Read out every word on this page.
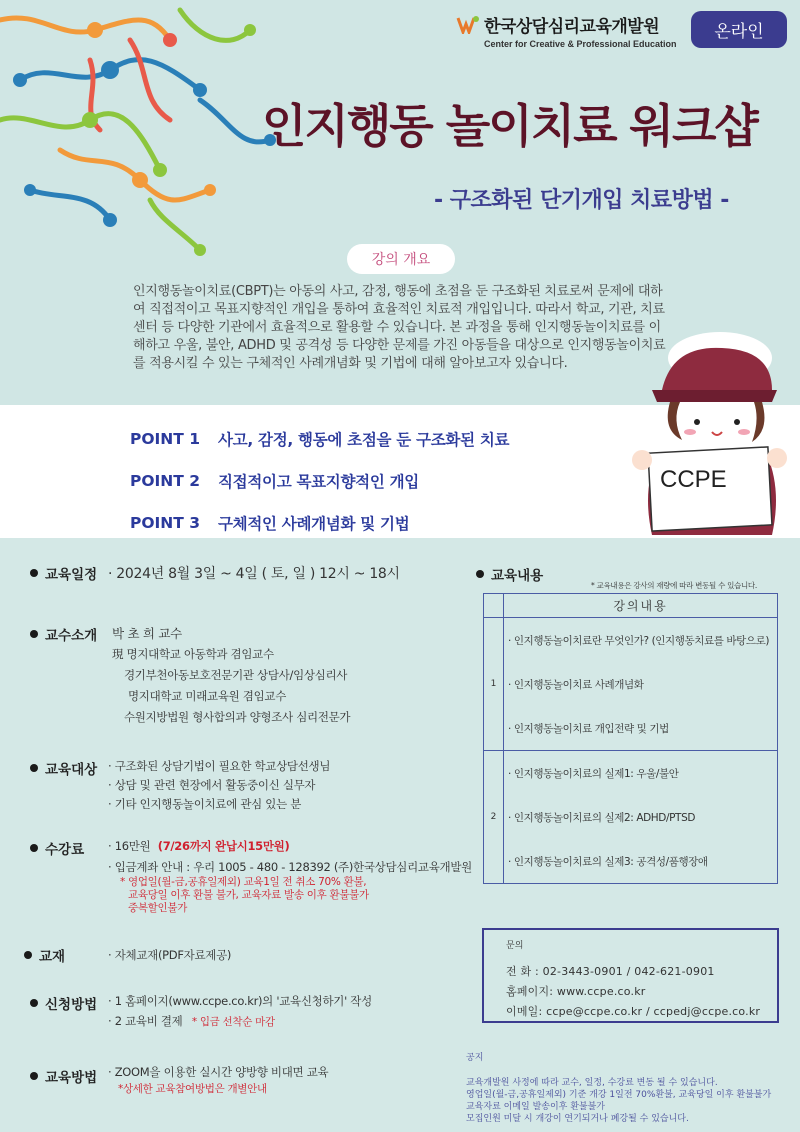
한국상담심리교육개발원
Center for Creative & Professional Education
온라인
인지행동 놀이치료 워크샵
- 구조화된 단기개입 치료방법 -
강의 개요
인지행동놀이치료(CBPT)는 아동의 사고, 감정, 행동에 초점을 둔 구조화된 치료로써 문제에 대하여 직접적이고 목표지향적인 개입을 통하여 효율적인 치료적 개입입니다. 따라서 학교, 기관, 치료센터 등 다양한 기관에서 효율적으로 활용할 수 있습니다. 본 과정을 통해 인지행동놀이치료를 이해하고 우울, 불안, ADHD 및 공격성 등 다양한 문제를 가진 아동들을 대상으로 인지행동놀이치료를 적용시킬 수 있는 구체적인 사례개념화 및 기법에 대해 알아보고자 있습니다.
POINT 1	사고, 감정, 행동에 초점을 둔 구조화된 치료
POINT 2	직접적이고 목표지향적인 개입
POINT 3	구체적인 사례개념화 및 기법
CCPE
교육일정 · 2024년 8월 3일 ~ 4일 ( 토, 일 ) 12시 ~ 18시
교수소개 박 초 희 교수
現 명지대학교 아동학과 겸임교수
경기부천아동보호전문기관 상담사/임상심리사
명지대학교 미래교육원 겸임교수
수원지방법원 형사합의과 양형조사 심리전문가
교육대상 · 구조화된 상담기법이 필요한 학교상담선생님
· 상담 및 관련 현장에서 활동중이신 실무자
· 기타 인지행동놀이치료에 관심 있는 분
수강료 · 16만원 (7/26까지 완납시15만원)
· 입금계좌 안내 : 우리 1005 - 480 - 128392 (주)한국상담심리교육개발원
* 영업일(월-금,공휴일제외) 교육1일 전 취소 70% 환불,
교육당일 이후 환불 불가, 교육자료 발송 이후 환불불가
중복할인불가
교재	· 자체교재(PDF자료제공)
신청방법 · 1 홈페이지(www.ccpe.co.kr)의 '교육신청하기' 작성
· 2 교육비 결제 * 입금 선착순 마감
교육방법 · ZOOM을 이용한 실시간 양방향 비대면 교육
*상세한 교육참여방법은 개별안내
교육내용
* 교육내용은 강사의 재량에 따라 변동될 수 있습니다.
강의내용
1
· 인지행동놀이치료란 무엇인가? (인지행동치료를 바탕으로)
· 인지행동놀이치료 사례개념화
· 인지행동놀이치료 개입전략 및 기법
2
· 인지행동놀이치료의 실제1: 우울/불안
· 인지행동놀이치료의 실제2: ADHD/PTSD
· 인지행동놀이치료의 실제3: 공격성/품행장애
문의
전 화 : 02-3443-0901 / 042-621-0901
홈페이지: www.ccpe.co.kr
이메일: ccpe@ccpe.co.kr / ccpedj@ccpe.co.kr
공지
교육개발원 사정에 따라 교수, 일정, 수강료 변동 될 수 있습니다.
영업일(월-금,공휴일제외) 기준 개강 1일전 70%환불, 교육당일 이후 환불불가
교육자료 이메일 발송이후 환불불가
모집인원 미달 시 개강이 연기되거나 폐강될 수 있습니다.
